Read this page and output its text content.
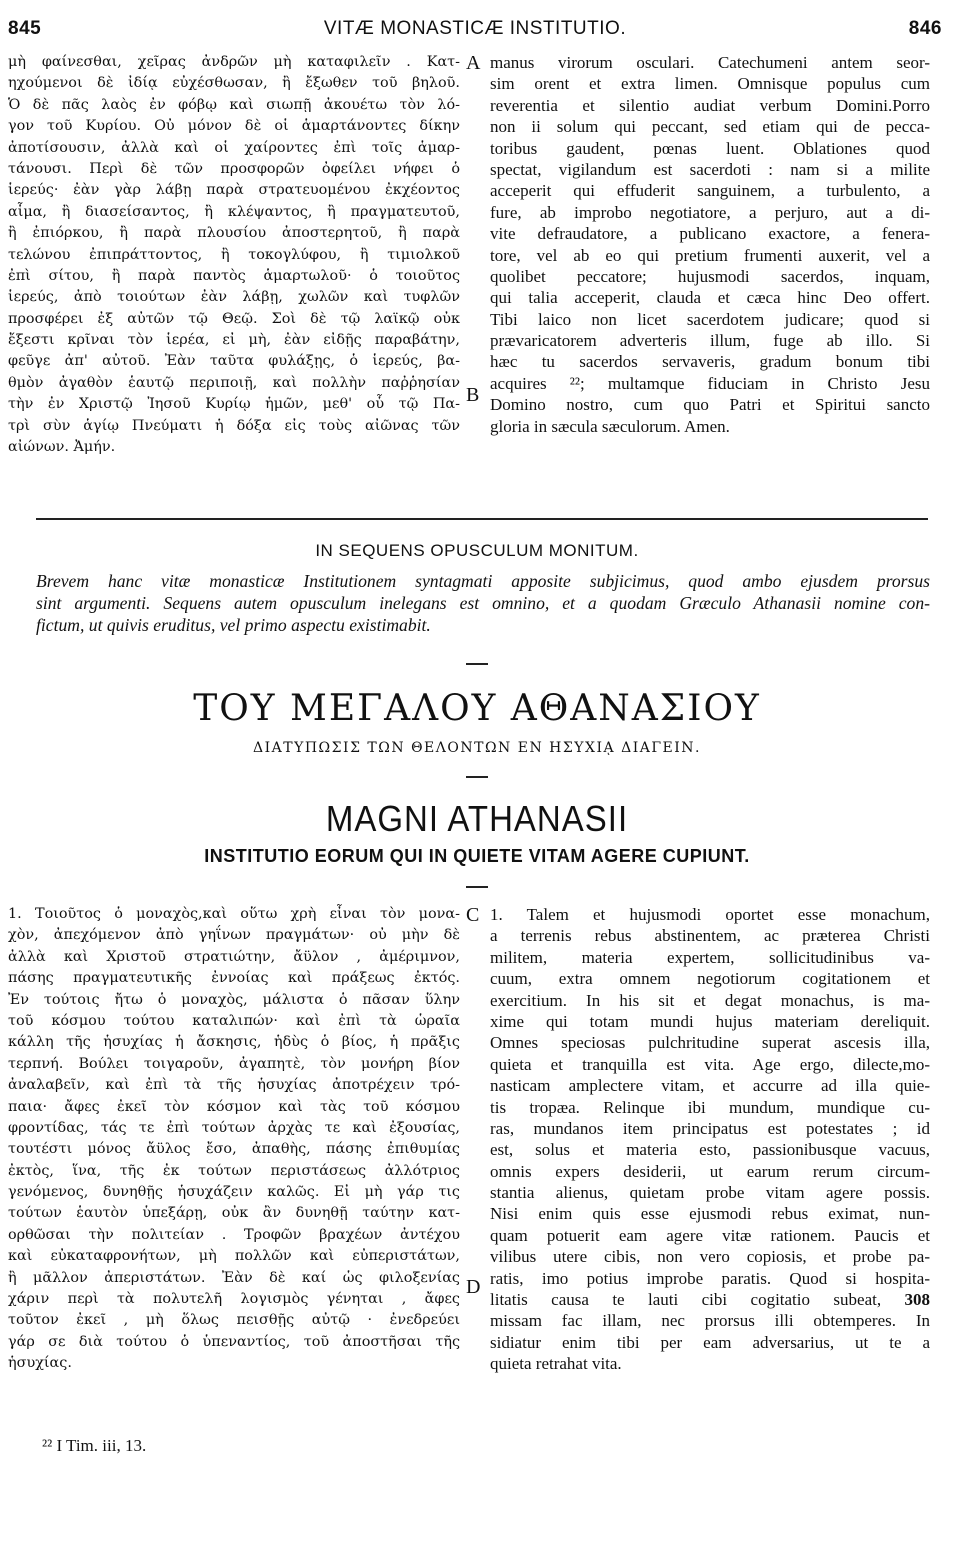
845	VITÆ MONASTICÆ INSTITUTIO.	846
μὴ φαίνεσθαι, χεῖρας ἀνδρῶν μὴ καταφιλεῖν . Κατ-
ηχούμενοι δὲ ἰδίᾳ εὐχέσθωσαν, ἢ ἔξωθεν τοῦ βηλοῦ.
Ὁ δὲ πᾶς λαὸς ἐν φόβῳ καὶ σιωπῇ ἀκουέτω τὸν λό-
γον τοῦ Κυρίου. Οὐ μόνον δὲ οἱ ἁμαρτάνοντες δίκην
ἀποτίσουσιν, ἀλλὰ καὶ οἱ χαίροντες ἐπὶ τοῖς ἁμαρ-
τάνουσι. Περὶ δὲ τῶν προσφορῶν ὀφείλει νήφει ὁ
ἱερεύς· ἐὰν γὰρ λάβῃ παρὰ στρατευομένου ἐκχέοντος
αἷμα, ἢ διασείσαντος, ἢ κλέψαντος, ἢ πραγματευτοῦ,
ἢ ἐπιόρκου, ἢ παρὰ πλουσίου ἀποστερητοῦ, ἢ παρὰ
τελώνου ἐπιπράττοντος, ἢ τοκογλύφου, ἢ τιμιολκοῦ
ἐπὶ σίτου, ἢ παρὰ παντὸς ἁμαρτωλοῦ· ὁ τοιοῦτος
ἱερεύς, ἀπὸ τοιούτων ἐὰν λάβῃ, χωλῶν καὶ τυφλῶν
προσφέρει ἐξ αὐτῶν τῷ Θεῷ. Σοὶ δὲ τῷ λαϊκῷ οὐκ
ἔξεστι κρῖναι τὸν ἱερέα, εἰ μὴ, ἐὰν εἰδῇς παραβάτην,
φεῦγε ἀπ' αὐτοῦ. Ἐὰν ταῦτα φυλάξῃς, ὁ ἱερεύς, βα-
θμὸν ἀγαθὸν ἑαυτῷ περιποιῇ, καὶ πολλὴν παῤῥησίαν
τὴν ἐν Χριστῷ Ἰησοῦ Κυρίῳ ἡμῶν, μεθ' οὗ τῷ Πα-
τρὶ σὺν ἁγίῳ Πνεύματι ἡ δόξα εἰς τοὺς αἰῶνας τῶν
αἰώνων. Ἀμήν.
A
B
manus virorum osculari. Catechumeni antem seor-
sim orent et extra limen. Omnisque populus cum
reverentia et silentio audiat verbum Domini.Porro
non ii solum qui peccant, sed etiam qui de pecca-
toribus gaudent, pœnas luent. Oblationes quod
spectat, vigilandum est sacerdoti : nam si a milite
acceperit qui effuderit sanguinem, a turbulento, a
fure, ab improbo negotiatore, a perjuro, aut a di-
vite defraudatore, a publicano exactore, a fenera-
tore, vel ab eo qui pretium frumenti auxerit, vel a
quolibet peccatore; hujusmodi sacerdos, inquam,
qui talia acceperit, clauda et cæca hinc Deo offert.
Tibi laico non licet sacerdotem judicare; quod si
prævaricatorem adverteris illum, fuge ab illo. Si
hæc tu sacerdos servaveris, gradum bonum tibi
acquires ²²; multamque fiduciam in Christo Jesu
Domino nostro, cum quo Patri et Spiritui sancto
gloria in sæcula sæculorum. Amen.
IN SEQUENS OPUSCULUM MONITUM.
Brevem hanc vitæ monasticæ Institutionem syntagmati apposite subjicimus, quod ambo ejusdem prorsus
sint argumenti. Sequens autem opusculum inelegans est omnino, et a quodam Græculo Athanasii nomine con-
fictum, ut quivis eruditus, vel primo aspectu existimabit.
ΤΟΥ ΜΕΓΑΛΟΥ ΑΘΑΝΑΣΙΟΥ
ΔΙΑΤΥΠΩΣΙΣ ΤΩΝ ΘΕΛΟΝΤΩΝ ΕΝ ΗΣΥΧΙᾼ ΔΙΑΓΕΙΝ.
MAGNI ATHANASII
INSTITUTIO EORUM QUI IN QUIETE VITAM AGERE CUPIUNT.
1. Τοιοῦτος ὁ μοναχὸς,καὶ οὕτω χρὴ εἶναι τὸν μονα-
χὸν, ἀπεχόμενον ἀπὸ γηΐνων πραγμάτων· οὐ μὴν δὲ
ἀλλὰ καὶ Χριστοῦ στρατιώτην, ἄϋλον , ἀμέριμνον,
πάσης πραγματευτικῆς ἐννοίας καὶ πράξεως ἐκτός.
Ἐν τούτοις ἤτω ὁ μοναχὸς, μάλιστα ὁ πᾶσαν ὕλην
τοῦ κόσμου τούτου καταλιπών· καὶ ἐπὶ τὰ ὡραῖα
κάλλη τῆς ἡσυχίας ἡ ἄσκησις, ἡδὺς ὁ βίος, ἡ πρᾶξις
τερπνή. Βούλει τοιγαροῦν, ἀγαπητὲ, τὸν μονήρη βίον
ἀναλαβεῖν, καὶ ἐπὶ τὰ τῆς ἡσυχίας ἀποτρέχειν τρό-
παια· ἄφες ἐκεῖ τὸν κόσμον καὶ τὰς τοῦ κόσμου
φροντίδας, τάς τε ἐπὶ τούτων ἀρχὰς τε καὶ ἐξουσίας,
τουτέστι μόνος ἄϋλος ἔσο, ἀπαθὴς, πάσης ἐπιθυμίας
ἐκτὸς, ἵνα, τῆς ἐκ τούτων περιστάσεως ἀλλότριος
γενόμενος, δυνηθῇς ἡσυχάζειν καλῶς. Εἰ μὴ γάρ τις
τούτων ἑαυτὸν ὑπεξάρῃ, οὐκ ἂν δυνηθῇ ταύτην κατ-
ορθῶσαι τὴν πολιτείαν . Τροφῶν βραχέων ἀντέχου
καὶ εὐκαταφρονήτων, μὴ πολλῶν καὶ εὐπεριστάτων,
ἢ μᾶλλον ἀπεριστάτων. Ἐὰν δὲ καί ὡς φιλοξενίας
χάριν περὶ τὰ πολυτελῆ λογισμὸς γένηται , ἄφες
τοῦτον ἐκεῖ , μὴ ὅλως πεισθῇς αὐτῷ · ἐνεδρεύει
γάρ σε διὰ τούτου ὁ ὑπεναντίος, τοῦ ἀποστῆσαι τῆς
ἡσυχίας.
C
D
1. Talem et hujusmodi oportet esse monachum,
a terrenis rebus abstinentem, ac præterea Christi
militem, materia expertem, sollicitudinibus va-
cuum, extra omnem negotiorum cogitationem et
exercitium. In his sit et degat monachus, is ma-
xime qui totam mundi hujus materiam dereliquit.
Omnes speciosas pulchritudine superat ascesis illa,
quieta et tranquilla est vita. Age ergo, dilecte,mo-
nasticam amplectere vitam, et accurre ad illa quie-
tis tropæa. Relinque ibi mundum, mundique cu-
ras, mundanos item principatus est potestates ; id
est, solus et materia esto, passionibusque vacuus,
omnis expers desiderii, ut earum rerum circum-
stantia alienus, quietam probe vitam agere possis.
Nisi enim quis esse ejusmodi rebus eximat, nun-
quam potuerit eam agere vitæ rationem. Paucis et
vilibus utere cibis, non vero copiosis, et probe pa-
ratis, imo potius improbe paratis. Quod si hospita-
litatis causa te lauti cibi cogitatio subeat, 308
missam fac illam, nec prorsus illi obtemperes. In
sidiatur enim tibi per eam adversarius, ut te a
quieta retrahat vita.
²² I Tim. iii, 13.
